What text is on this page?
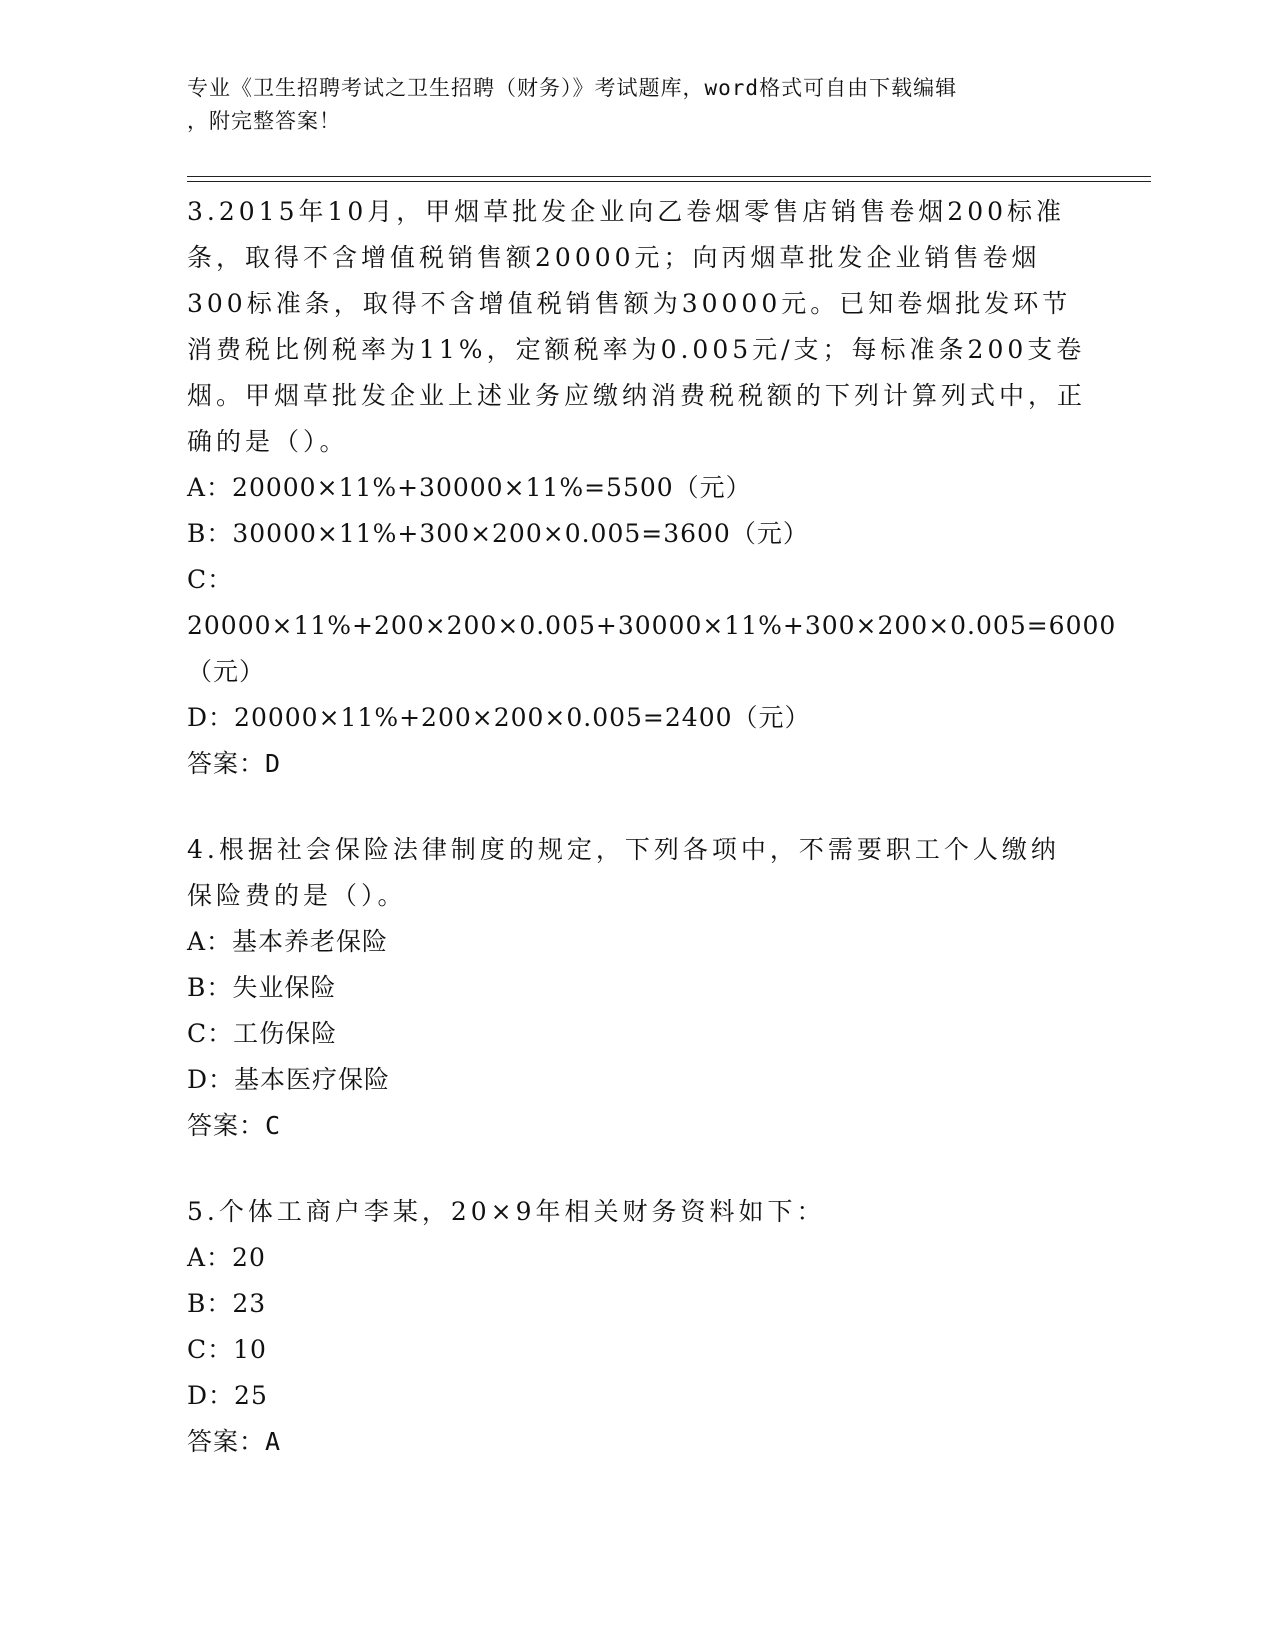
专业《卫生招聘考试之卫生招聘（财务）》考试题库，word格式可自由下载编辑
，附完整答案！
3.2015年10月，甲烟草批发企业向乙卷烟零售店销售卷烟200标准条，取得不含增值税销售额20000元；向丙烟草批发企业销售卷烟300标准条，取得不含增值税销售额为30000元。已知卷烟批发环节消费税比例税率为11%，定额税率为0.005元/支；每标准条200支卷烟。甲烟草批发企业上述业务应缴纳消费税税额的下列计算列式中，正确的是（）。
A：20000×11%+30000×11%=5500（元）
B：30000×11%+300×200×0.005=3600（元）
C：20000×11%+200×200×0.005+30000×11%+300×200×0.005=6000（元）
D：20000×11%+200×200×0.005=2400（元）
答案：D
4.根据社会保险法律制度的规定，下列各项中，不需要职工个人缴纳保险费的是（）。
A：基本养老保险
B：失业保险
C：工伤保险
D：基本医疗保险
答案：C
5.个体工商户李某，20×9年相关财务资料如下：
A：20
B：23
C：10
D：25
答案：A
